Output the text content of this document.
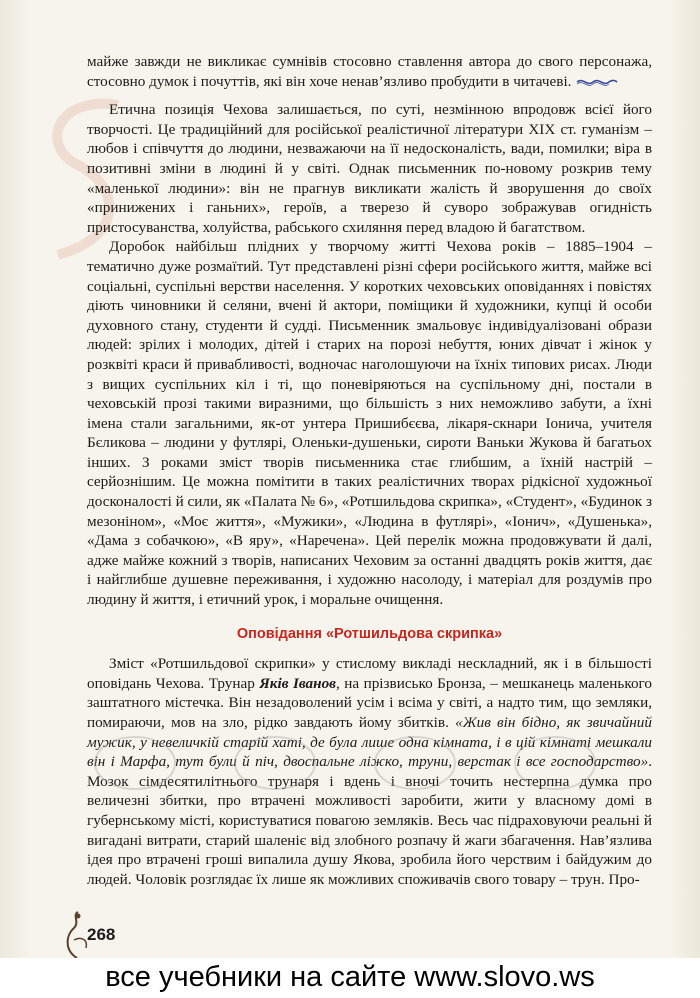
майже завжди не викликає сумнівів стосовно ставлення автора до свого персонажа, стосовно думок і почуттів, які він хоче ненав’язливо пробудити в читачеві.

Етична позиція Чехова залишається, по суті, незмінною впродовж всієї його творчості. Це традиційний для російської реалістичної літератури XIX ст. гуманізм – любов і співчуття до людини, незважаючи на її недосконалість, вади, помилки; віра в позитивні зміни в людині й у світі. Однак письменник по-новому розкрив тему «маленької людини»: він не прагнув викликати жалість й зворушення до своїх «принижених і ганьних», героїв, а тверезо й суворо зображував огидність пристосуванства, холуйства, рабського схиляння перед владою й багатством.

Доробок найбільш плідних у творчому житті Чехова років – 1885–1904 – тематично дуже розмаїтий. Тут представлені різні сфери російського життя, майже всі соціальні, суспільні верстви населення. У коротких чеховських оповіданнях і повістях діють чиновники й селяни, вчені й актори, поміщики й художники, купці й особи духовного стану, студенти й судді. Письменник змальовує індивідуалізовані образи людей: зрілих і молодих, дітей і старих на порозі небуття, юних дівчат і жінок у розквіті краси й привабливості, водночас наголошуючи на їхніх типових рисах. Люди з вищих суспільних кіл і ті, що поневіряються на суспільному дні, постали в чеховській прозі такими виразними, що більшість з них неможливо забути, а їхні імена стали загальними, як-от унтера Пришибєєва, лікаря-скнари Іонича, учителя Бєликова – людини у футлярі, Оленьки-душеньки, сироти Ваньки Жукова й багатьох інших. З роками зміст творів письменника стає глибшим, а їхній настрій – серйознішим. Це можна помітити в таких реалістичних творах рідкісної художньої досконалості й сили, як «Палата № 6», «Ротшильдова скрипка», «Студент», «Будинок з мезоніном», «Моє життя», «Мужики», «Людина в футлярі», «Іонич», «Душенька», «Дама з собачкою», «В яру», «Наречена». Цей перелік можна продовжувати й далі, адже майже кожний з творів, написаних Чеховим за останні двадцять років життя, дає і найглибше душевне переживання, і художню насолоду, і матеріал для роздумів про людину й життя, і етичний урок, і моральне очищення.

Оповідання «Ротшильдова скрипка»

Зміст «Ротшильдової скрипки» у стислому викладі нескладний, як і в більшості оповідань Чехова. Трунар Яків Іванов, на прізвисько Бронза, – мешканець маленького заштатного містечка. Він незадоволений усім і всіма у світі, а надто тим, що земляки, помираючи, мов на зло, рідко завдають йому збитків. «Жив він бідно, як звичайний мужик, у невеличкій старій хаті, де була лише одна кімната, і в цій кімнаті мешкали він і Марфа, тут були й піч, двоспальне ліжко, труни, верстак і все господарство». Мозок сімдесятилітнього трунаря і вдень і вночі точить нестерпна думка про величезні збитки, про втрачені можливості заробити, жити у власному домі в губернському місті, користуватися повагою земляків. Весь час підраховуючи реальні й вигадані витрати, старий шаленіє від злобного розпачу й жаги збагачення. Нав’язлива ідея про втрачені гроші випалила душу Якова, зробила його черствим і байдужим до людей. Чоловік розглядає їх лише як можливих споживачів свого товару – трун. Про-

268
все учебники на сайте www.slovo.ws
